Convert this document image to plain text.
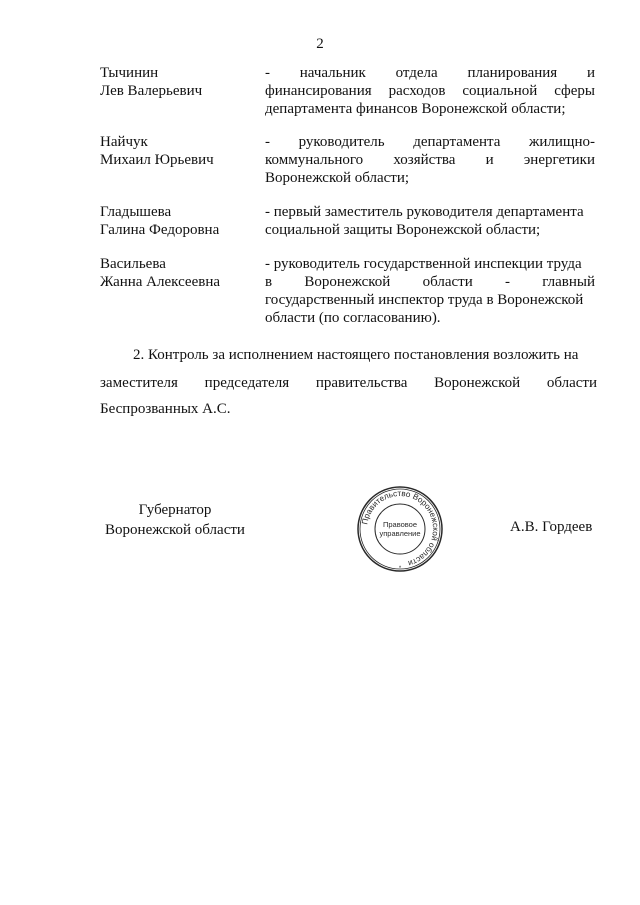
2
Тычинин
Лев Валерьевич
- начальник отдела планирования и
финансирования расходов социальной сферы
департамента финансов Воронежской области;
Найчук
Михаил Юрьевич
- руководитель департамента жилищно-
коммунального хозяйства и энергетики
Воронежской области;
Гладышева
Галина Федоровна
- первый заместитель руководителя департамента
социальной защиты Воронежской области;
Васильева
Жанна Алексеевна
- руководитель государственной инспекции труда
в Воронежской области - главный
государственный инспектор труда в Воронежской
области (по согласованию).
2. Контроль за исполнением настоящего постановления возложить на
заместителя председателя правительства Воронежской области
Беспрозванных А.С.
Губернатор
Воронежской области
Правительство Воронежской области
Правовое
управление
*
А.В. Гордеев
